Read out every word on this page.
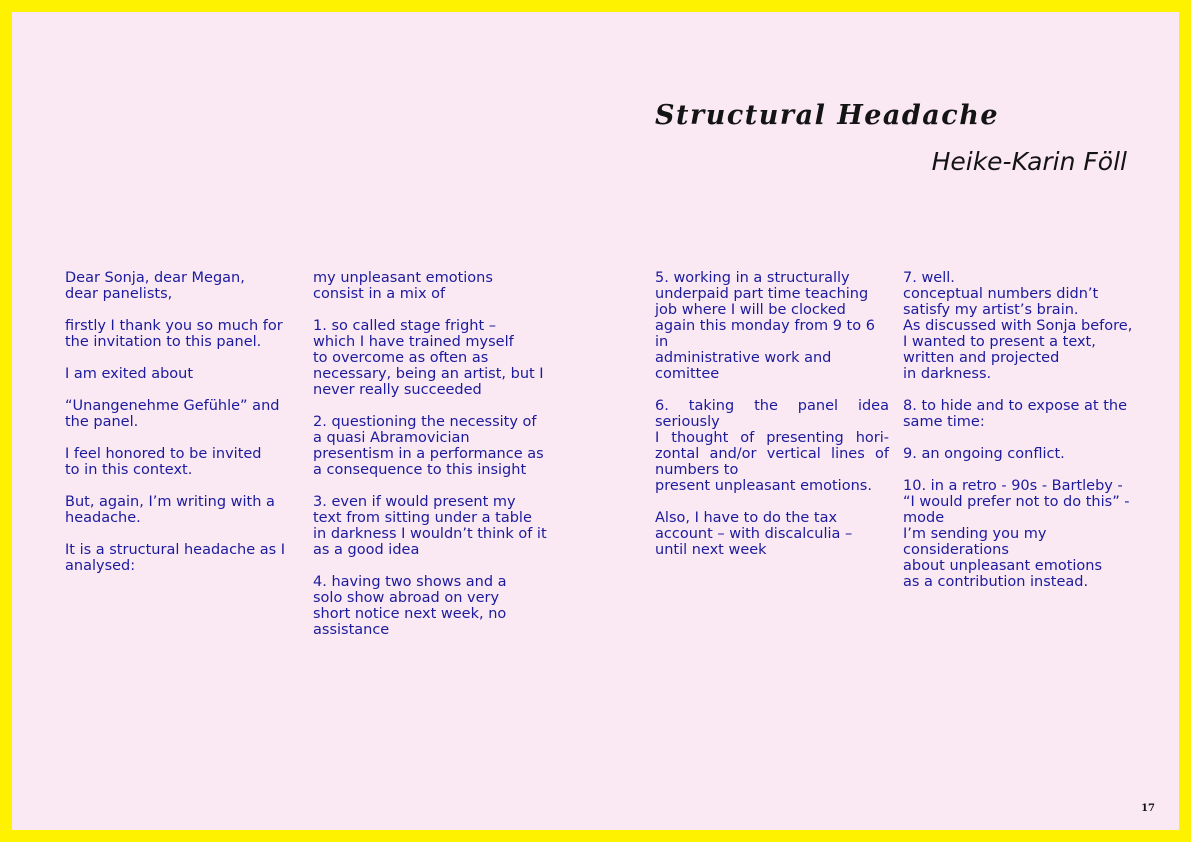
Structural Headache
Heike-Karin Föll

Dear Sonja, dear Megan,
dear panelists,

firstly I thank you so much for the invitation to this panel.

I am exited about

“Unangenehme Gefühle” and the panel.

I feel honored to be invited
to in this context.

But, again, I’m writing with a headache.

It is a structural headache as I analysed:

my unpleasant emotions
consist in a mix of

1. so called stage fright –
which I have trained myself
to overcome as often as
necessary, being an artist, but I never really succeeded

2. questioning the necessity of a quasi Abramovician presentism in a performance as a consequence to this insight

3. even if would present my text from sitting under a table in darkness I wouldn’t think of it as a good idea

4. having two shows and a
solo show abroad on very
short notice next week, no assistance

5. working in a structurally
underpaid part time teaching job where I will be clocked
again this monday from 9 to 6 in
administrative work and
comittee

6. taking the panel idea seriously
I thought of presenting hori-zontal and/or vertical lines of numbers to
present unpleasant emotions.

Also, I have to do the tax
account – with discalculia –
until next week

7. well.
conceptual numbers didn’t
satisfy my artist’s brain.
As discussed with Sonja before,
I wanted to present a text,
written and projected
in darkness.

8. to hide and to expose at the same time:

9. an ongoing conflict.

10. in a retro - 90s - Bartleby -
“I would prefer not to do this” - mode
I’m sending you my
considerations
about unpleasant emotions
as a contribution instead.

17
